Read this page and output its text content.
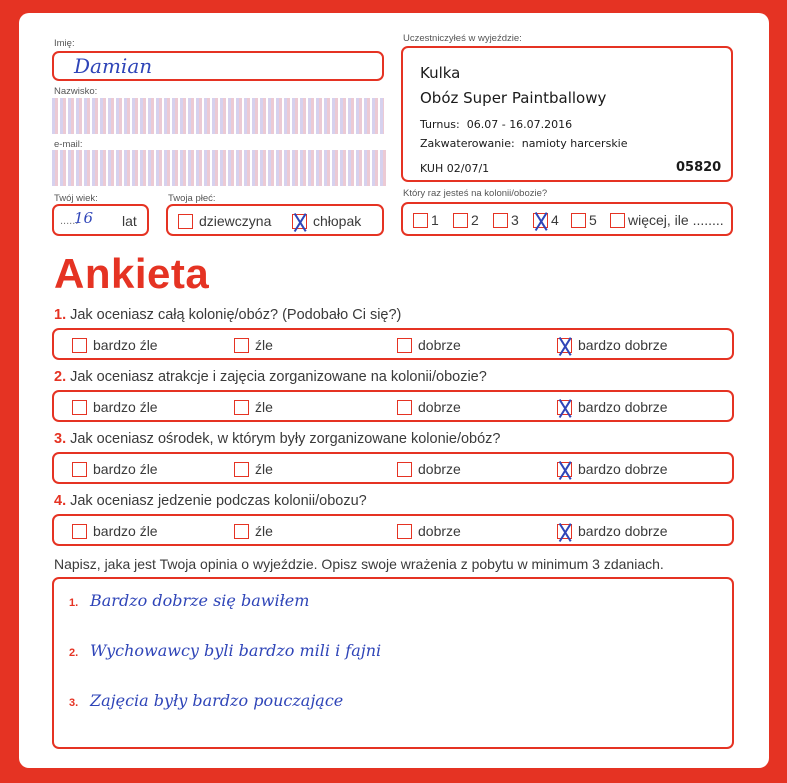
Imię:
Damian
Nazwisko:
e-mail:
Twój wiek:
......
16 lat
Twoja płeć:
dziewczyna	chłopak
Uczestniczyłeś w wyjeździe:
Kulka
Obóz Super Paintballowy
Turnus: 06.07 - 16.07.2016
Zakwaterowanie: namioty harcerskie
KUH 02/07/1	05820
Który raz jesteś na kolonii/obozie?
1	2	3	4	5	więcej, ile ........
Ankieta
1. Jak oceniasz całą kolonię/obóz? (Podobało Ci się?)
bardzo źle	źle	dobrze	bardzo dobrze
2. Jak oceniasz atrakcje i zajęcia zorganizowane na kolonii/obozie?
bardzo źle	źle	dobrze	bardzo dobrze
3. Jak oceniasz ośrodek, w którym były zorganizowane kolonie/obóz?
bardzo źle	źle	dobrze	bardzo dobrze
4. Jak oceniasz jedzenie podczas kolonii/obozu?
bardzo źle	źle	dobrze	bardzo dobrze
Napisz, jaka jest Twoja opinia o wyjeździe. Opisz swoje wrażenia z pobytu w minimum 3 zdaniach.
1. Bardzo dobrze się bawiłem
2. Wychowawcy byli bardzo mili i fajni
3. Zajęcia były bardzo pouczające
